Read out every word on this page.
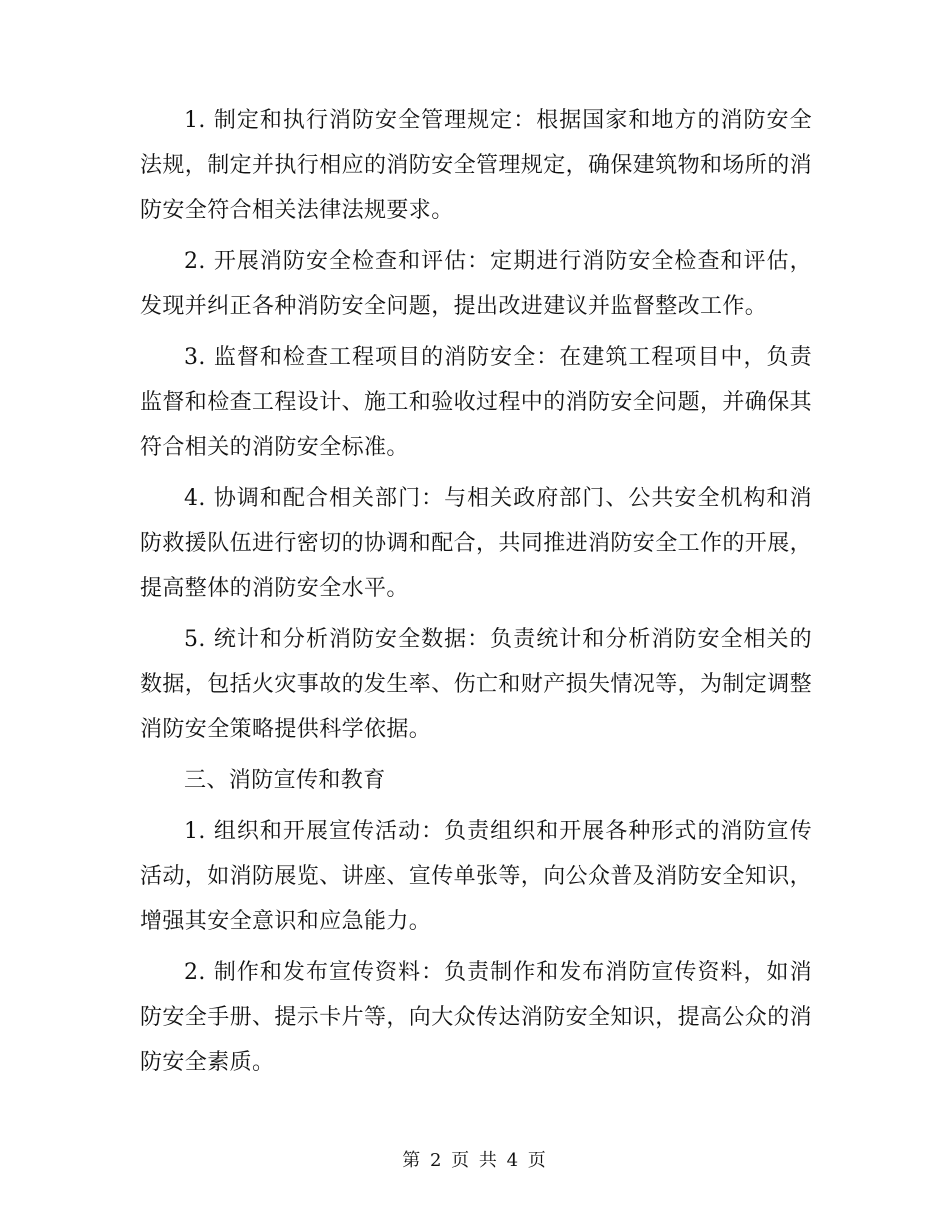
1. 制定和执行消防安全管理规定：根据国家和地方的消防安全法规，制定并执行相应的消防安全管理规定，确保建筑物和场所的消防安全符合相关法律法规要求。

2. 开展消防安全检查和评估：定期进行消防安全检查和评估，发现并纠正各种消防安全问题，提出改进建议并监督整改工作。

3. 监督和检查工程项目的消防安全：在建筑工程项目中，负责监督和检查工程设计、施工和验收过程中的消防安全问题，并确保其符合相关的消防安全标准。

4. 协调和配合相关部门：与相关政府部门、公共安全机构和消防救援队伍进行密切的协调和配合，共同推进消防安全工作的开展，提高整体的消防安全水平。

5. 统计和分析消防安全数据：负责统计和分析消防安全相关的数据，包括火灾事故的发生率、伤亡和财产损失情况等，为制定调整消防安全策略提供科学依据。

三、消防宣传和教育

1. 组织和开展宣传活动：负责组织和开展各种形式的消防宣传活动，如消防展览、讲座、宣传单张等，向公众普及消防安全知识，增强其安全意识和应急能力。

2. 制作和发布宣传资料：负责制作和发布消防宣传资料，如消防安全手册、提示卡片等，向大众传达消防安全知识，提高公众的消防安全素质。

第 2 页 共 4 页
